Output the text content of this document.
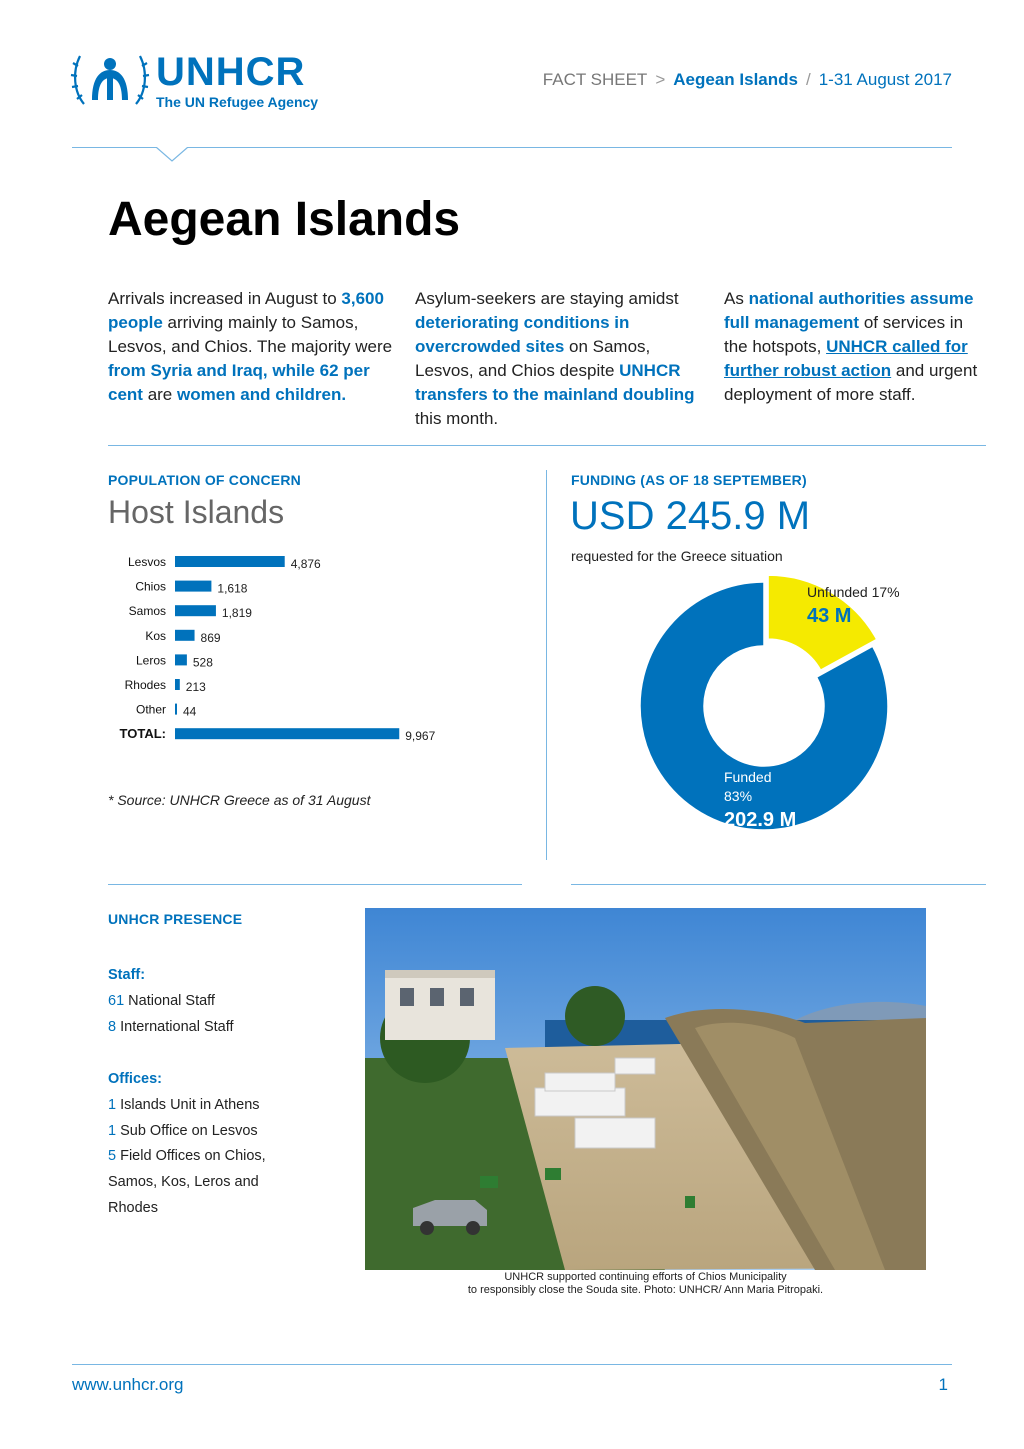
UNHCR
The UN Refugee Agency
FACT SHEET > Aegean Islands / 1-31 August 2017
Aegean Islands
Arrivals increased in August to 3,600 people arriving mainly to Samos, Lesvos, and Chios. The majority were from Syria and Iraq, while 62 per cent are women and children.
Asylum-seekers are staying amidst deteriorating conditions in overcrowded sites on Samos, Lesvos, and Chios despite UNHCR transfers to the mainland doubling this month.
As national authorities assume full management of services in the hotspots, UNHCR called for further robust action and urgent deployment of more staff.
POPULATION OF CONCERN
Host Islands
Lesvos	4,876
Chios	1,618
Samos	1,819
Kos	869
Leros 528
Rhodes 213
Other 44
TOTAL:	9,967
* Source: UNHCR Greece as of 31 August
FUNDING (AS OF 18 SEPTEMBER)
USD 245.9 M
requested for the Greece situation
Unfunded 17%
43 M
Funded
83%
202.9 M
UNHCR PRESENCE
Staff:
61 National Staff
8 International Staff
Offices:
1 Islands Unit in Athens
1 Sub Office on Lesvos
5 Field Offices on Chios,
Samos, Kos, Leros and
Rhodes
UNHCR supported continuing efforts of Chios Municipality
to responsibly close the Souda site. Photo: UNHCR/ Ann Maria Pitropaki.
www.unhcr.org	1
